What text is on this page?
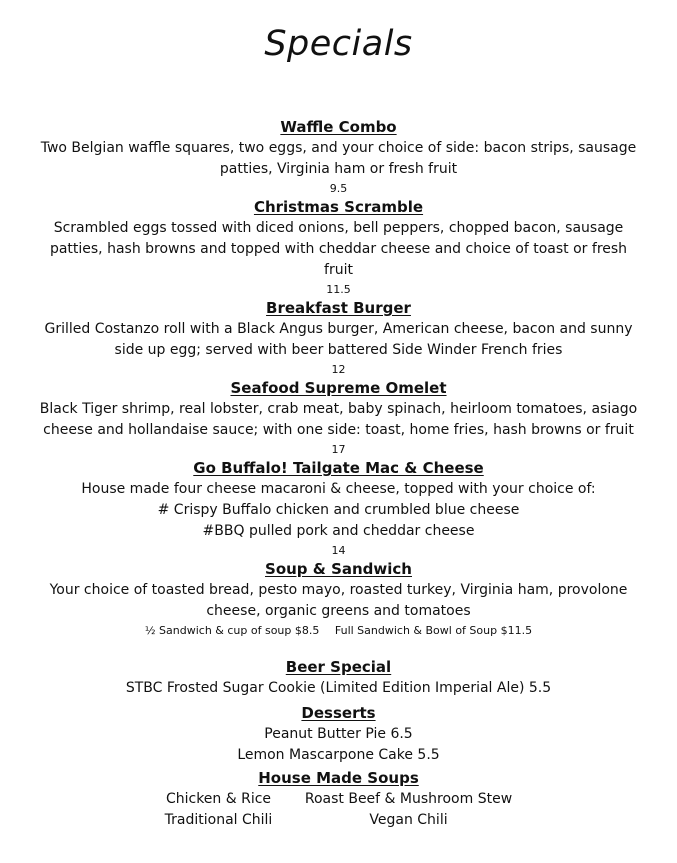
Specials
Waffle Combo
Two Belgian waffle squares, two eggs, and your choice of side: bacon strips, sausage patties, Virginia ham or fresh fruit
9.5
Christmas Scramble
Scrambled eggs tossed with diced onions, bell peppers, chopped bacon, sausage patties, hash browns and topped with cheddar cheese and choice of toast or fresh fruit
11.5
Breakfast Burger
Grilled Costanzo roll with a Black Angus burger, American cheese, bacon and sunny side up egg; served with beer battered Side Winder French fries
12
Seafood Supreme Omelet
Black Tiger shrimp, real lobster, crab meat, baby spinach, heirloom tomatoes, asiago cheese and hollandaise sauce; with one side: toast, home fries, hash browns or fruit
17
Go Buffalo! Tailgate Mac & Cheese
House made four cheese macaroni & cheese, topped with your choice of:
# Crispy Buffalo chicken and crumbled blue cheese
#BBQ pulled pork and cheddar cheese
14
Soup & Sandwich
Your choice of toasted bread, pesto mayo, roasted turkey, Virginia ham, provolone cheese, organic greens and tomatoes
½ Sandwich & cup of soup $8.5 Full Sandwich & Bowl of Soup $11.5
Beer Special
STBC Frosted Sugar Cookie (Limited Edition Imperial Ale) 5.5
Desserts
Peanut Butter Pie 6.5
Lemon Mascarpone Cake 5.5
House Made Soups
Chicken & Rice	Roast Beef & Mushroom Stew
Traditional Chili	Vegan Chili
